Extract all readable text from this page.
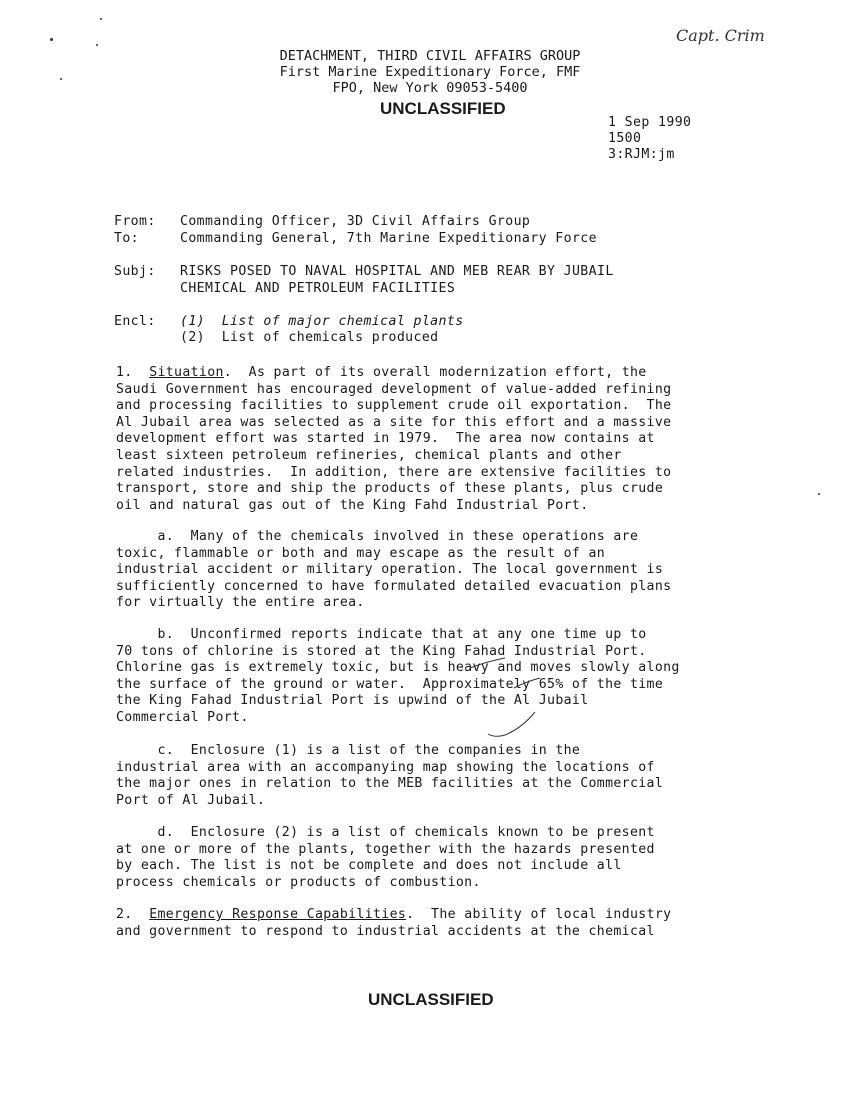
Capt. Crim
DETACHMENT, THIRD CIVIL AFFAIRS GROUP
First Marine Expeditionary Force, FMF
FPO, New York 09053-5400
UNCLASSIFIED
1 Sep 1990
1500
3:RJM:jm
From: Commanding Officer, 3D Civil Affairs Group
To:	Commanding General, 7th Marine Expeditionary Force
Subj: RISKS POSED TO NAVAL HOSPITAL AND MEB REAR BY JUBAIL
CHEMICAL AND PETROLEUM FACILITIES
Encl: (1)  List of major chemical plants
(2)  List of chemicals produced
1. Situation.  As part of its overall modernization effort, the
Saudi Government has encouraged development of value-added refining
and processing facilities to supplement crude oil exportation.  The
Al Jubail area was selected as a site for this effort and a massive
development effort was started in 1979.  The area now contains at
least sixteen petroleum refineries, chemical plants and other
related industries.  In addition, there are extensive facilities to
transport, store and ship the products of these plants, plus crude
oil and natural gas out of the King Fahd Industrial Port.
a.  Many of the chemicals involved in these operations are
toxic, flammable or both and may escape as the result of an
industrial accident or military operation. The local government is
sufficiently concerned to have formulated detailed evacuation plans
for virtually the entire area.
b.  Unconfirmed reports indicate that at any one time up to
70 tons of chlorine is stored at the King Fahad Industrial Port.
Chlorine gas is extremely toxic, but is heavy and moves slowly along
the surface of the ground or water.  Approximately 65% of the time
the King Fahad Industrial Port is upwind of the Al Jubail
Commercial Port.
c.  Enclosure (1) is a list of the companies in the
industrial area with an accompanying map showing the locations of
the major ones in relation to the MEB facilities at the Commercial
Port of Al Jubail.
d.  Enclosure (2) is a list of chemicals known to be present
at one or more of the plants, together with the hazards presented
by each. The list is not be complete and does not include all
process chemicals or products of combustion.
2. Emergency Response Capabilities.  The ability of local industry
and government to respond to industrial accidents at the chemical
UNCLASSIFIED
